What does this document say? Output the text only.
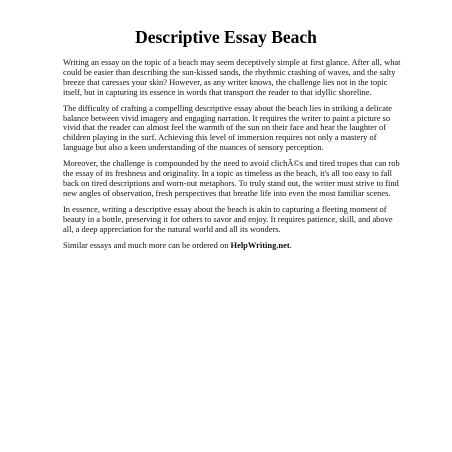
Descriptive Essay Beach

Writing an essay on the topic of a beach may seem deceptively simple at first glance. After all, what could be easier than describing the sun-kissed sands, the rhythmic crashing of waves, and the salty breeze that caresses your skin? However, as any writer knows, the challenge lies not in the topic itself, but in capturing its essence in words that transport the reader to that idyllic shoreline.

The difficulty of crafting a compelling descriptive essay about the beach lies in striking a delicate balance between vivid imagery and engaging narration. It requires the writer to paint a picture so vivid that the reader can almost feel the warmth of the sun on their face and hear the laughter of children playing in the surf. Achieving this level of immersion requires not only a mastery of language but also a keen understanding of the nuances of sensory perception.

Moreover, the challenge is compounded by the need to avoid clichÃ©s and tired tropes that can rob the essay of its freshness and originality. In a topic as timeless as the beach, it's all too easy to fall back on tired descriptions and worn-out metaphors. To truly stand out, the writer must strive to find new angles of observation, fresh perspectives that breathe life into even the most familiar scenes.

In essence, writing a descriptive essay about the beach is akin to capturing a fleeting moment of beauty in a bottle, preserving it for others to savor and enjoy. It requires patience, skill, and above all, a deep appreciation for the natural world and all its wonders.

Similar essays and much more can be ordered on HelpWriting.net.
